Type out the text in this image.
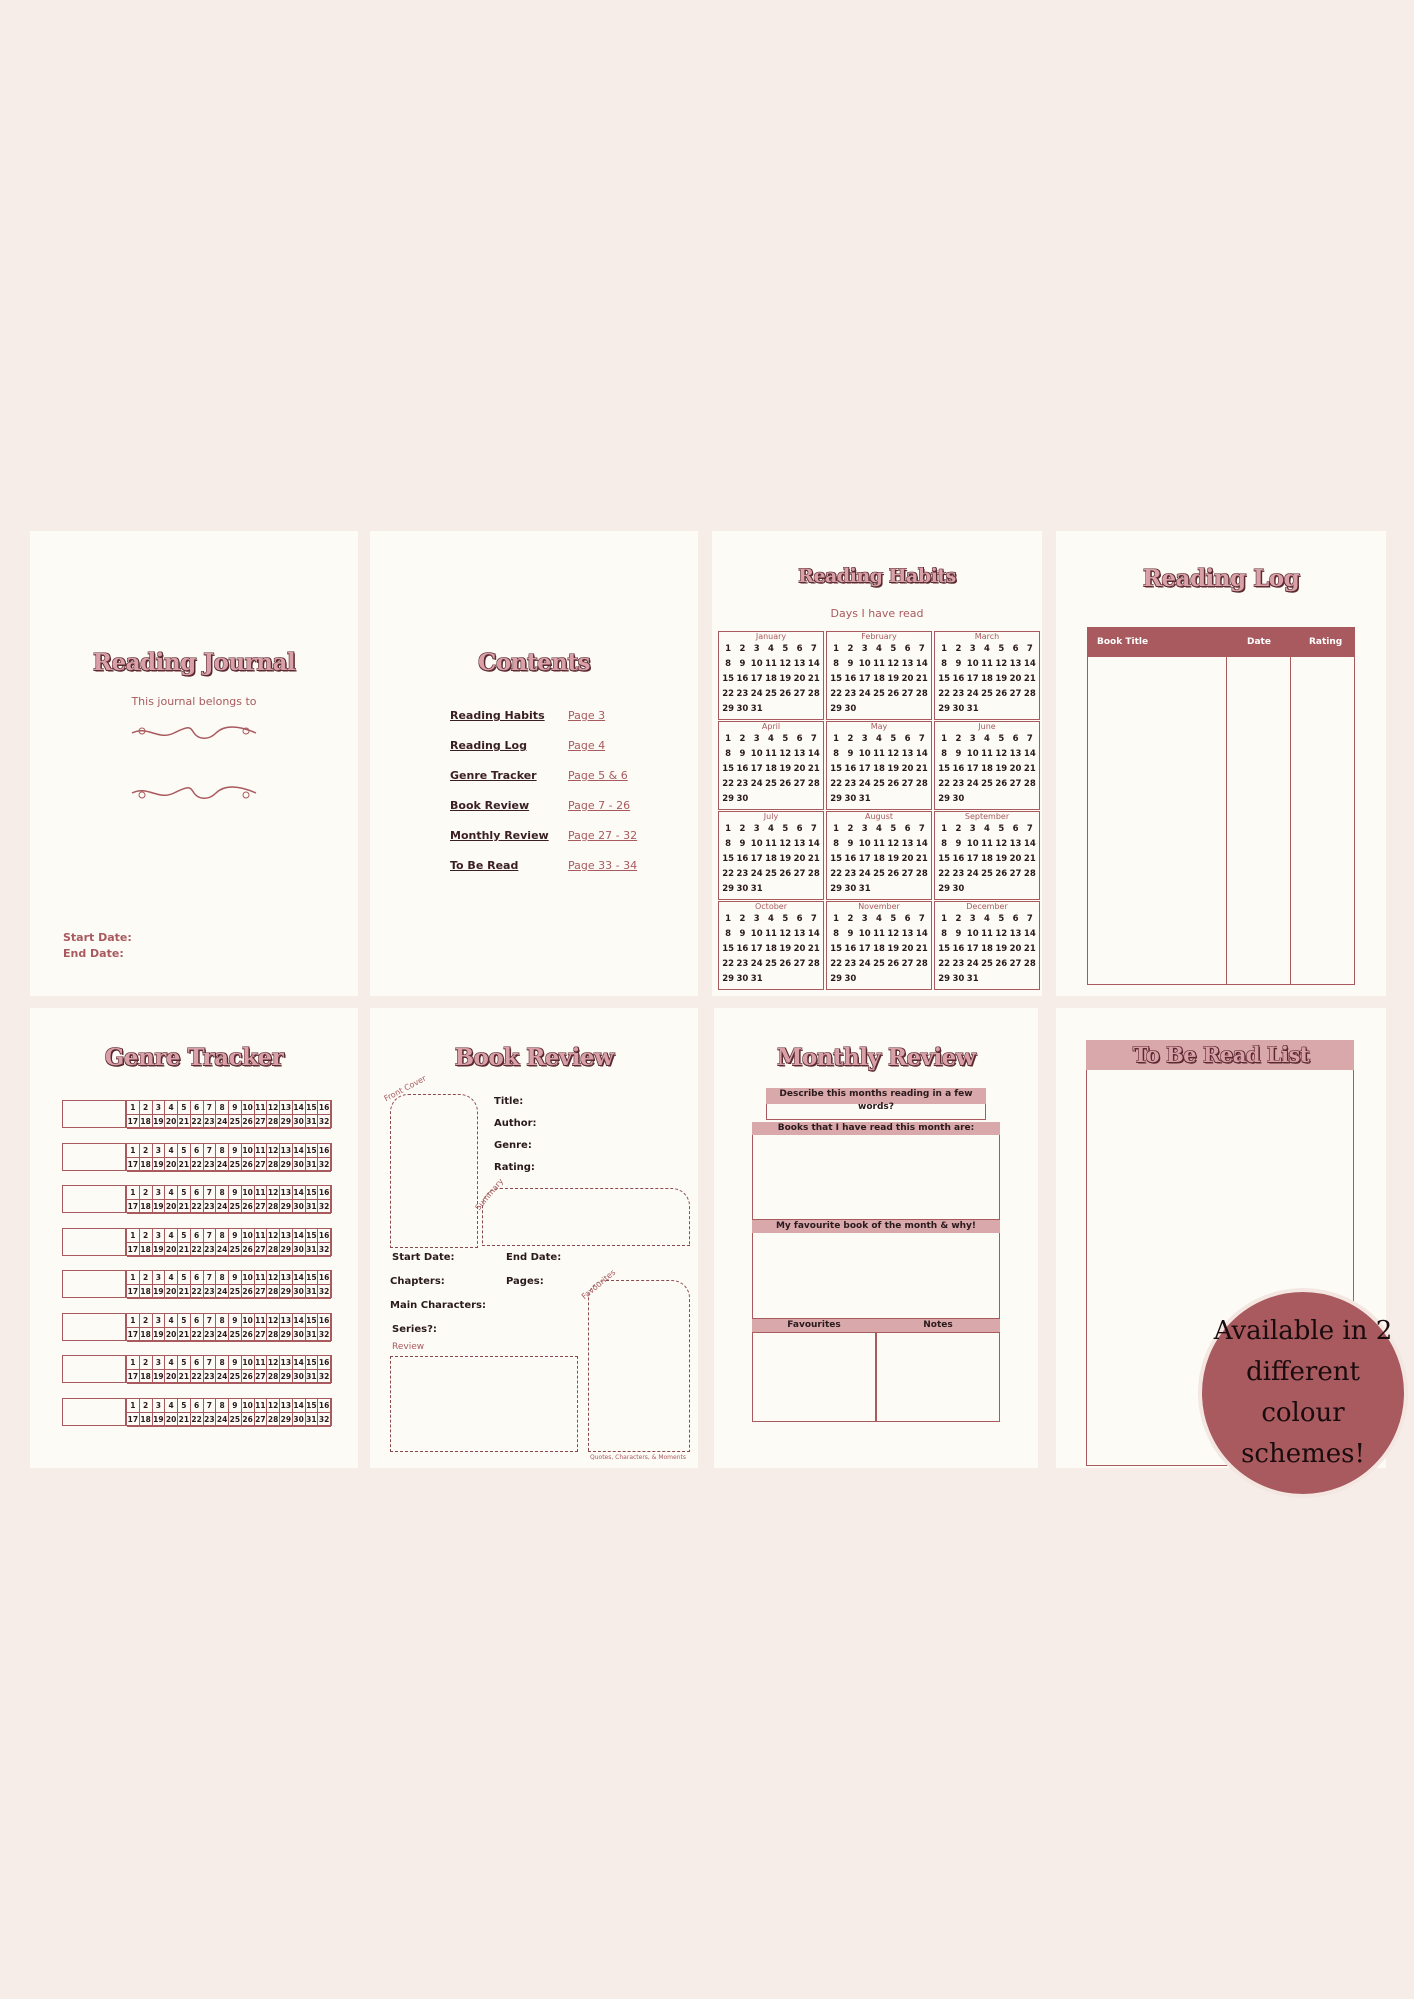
Reading Journal
This journal belongs to
Start Date:
End Date:
Contents
Reading Habits Page 3
Reading Log	Page 4
Genre Tracker	Page 5 & 6
Book Review	Page 7 - 26
Monthly Review Page 27 - 32
To Be Read	Page 33 - 34
Reading Habits
Days I have read
January
1 2 3 4 5 6 7
8 9 10 11 12 13 14
15 16 17 18 19 20 21
22 23 24 25 26 27 28
29 30 31
February
1 2 3 4 5 6 7
8 9 10 11 12 13 14
15 16 17 18 19 20 21
22 23 24 25 26 27 28
29 30
March
1 2 3 4 5 6 7
8 9 10 11 12 13 14
15 16 17 18 19 20 21
22 23 24 25 26 27 28
29 30 31
April
1 2 3 4 5 6 7
8 9 10 11 12 13 14
15 16 17 18 19 20 21
22 23 24 25 26 27 28
29 30
May
1 2 3 4 5 6 7
8 9 10 11 12 13 14
15 16 17 18 19 20 21
22 23 24 25 26 27 28
29 30 31
June
1 2 3 4 5 6 7
8 9 10 11 12 13 14
15 16 17 18 19 20 21
22 23 24 25 26 27 28
29 30
July
1 2 3 4 5 6 7
8 9 10 11 12 13 14
15 16 17 18 19 20 21
22 23 24 25 26 27 28
29 30 31
August
1 2 3 4 5 6 7
8 9 10 11 12 13 14
15 16 17 18 19 20 21
22 23 24 25 26 27 28
29 30 31
September
1 2 3 4 5 6 7
8 9 10 11 12 13 14
15 16 17 18 19 20 21
22 23 24 25 26 27 28
29 30
October
1 2 3 4 5 6 7
8 9 10 11 12 13 14
15 16 17 18 19 20 21
22 23 24 25 26 27 28
29 30 31
November
1 2 3 4 5 6 7
8 9 10 11 12 13 14
15 16 17 18 19 20 21
22 23 24 25 26 27 28
29 30
December
1 2 3 4 5 6 7
8 9 10 11 12 13 14
15 16 17 18 19 20 21
22 23 24 25 26 27 28
29 30 31
Reading Log
Book Title	Date	Rating
Genre Tracker
1	2	3	4	5	6	7	8	9 10 11 12 13 14 15 16
17 18 19 20 21 22 23 24 25 26 27 28 29 30 31 32
1	2	3	4	5	6	7	8	9 10 11 12 13 14 15 16
17 18 19 20 21 22 23 24 25 26 27 28 29 30 31 32
1	2	3	4	5	6	7	8	9 10 11 12 13 14 15 16
17 18 19 20 21 22 23 24 25 26 27 28 29 30 31 32
1	2	3	4	5	6	7	8	9 10 11 12 13 14 15 16
17 18 19 20 21 22 23 24 25 26 27 28 29 30 31 32
1	2	3	4	5	6	7	8	9 10 11 12 13 14 15 16
17 18 19 20 21 22 23 24 25 26 27 28 29 30 31 32
1	2	3	4	5	6	7	8	9 10 11 12 13 14 15 16
17 18 19 20 21 22 23 24 25 26 27 28 29 30 31 32
1	2	3	4	5	6	7	8	9 10 11 12 13 14 15 16
17 18 19 20 21 22 23 24 25 26 27 28 29 30 31 32
1	2	3	4	5	6	7	8	9 10 11 12 13 14 15 16
17 18 19 20 21 22 23 24 25 26 27 28 29 30 31 32
Book Review
Front Cover	Title:
Author:
Genre:
Rating:
Summary
Start Date:	End Date:
Chapters:	Pages:
Main Characters:
Series?:
Review
Favourites
Quotes, Characters, & Moments
Monthly Review
Describe this months reading in a few words?
Books that I have read this month are:
My favourite book of the month & why!
Favourites	Notes
To Be Read List
Available in 2
different colour
schemes!
